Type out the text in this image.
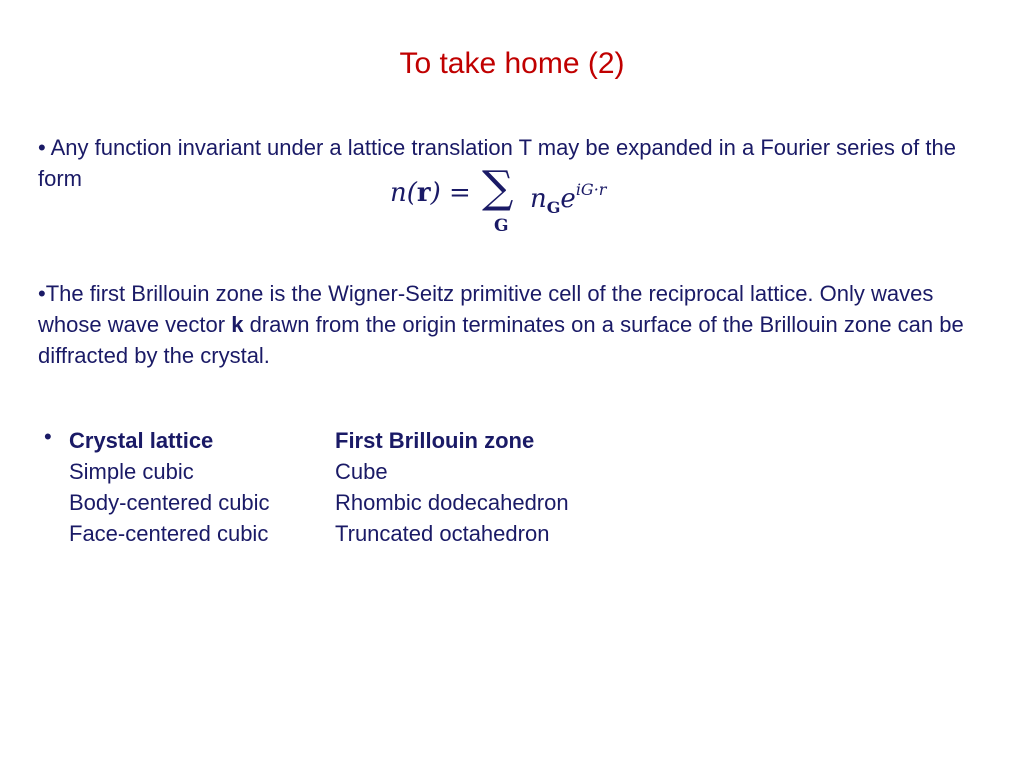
To take home (2)
• Any function invariant under a lattice translation T may be expanded in a Fourier series of the form	n(r) = ∑
G
$n_Ge^{iG\cdot r}$
•The first Brillouin zone is the Wigner-Seitz primitive cell of the reciprocal lattice. Only waves whose wave vector k drawn from the origin terminates on a surface of the Brillouin zone can be diffracted by the crystal.
• Crystal lattice
Simple cubic
Body-centered cubic
Face-centered cubic
First Brillouin zone
Cube
Rhombic dodecahedron
Truncated octahedron
